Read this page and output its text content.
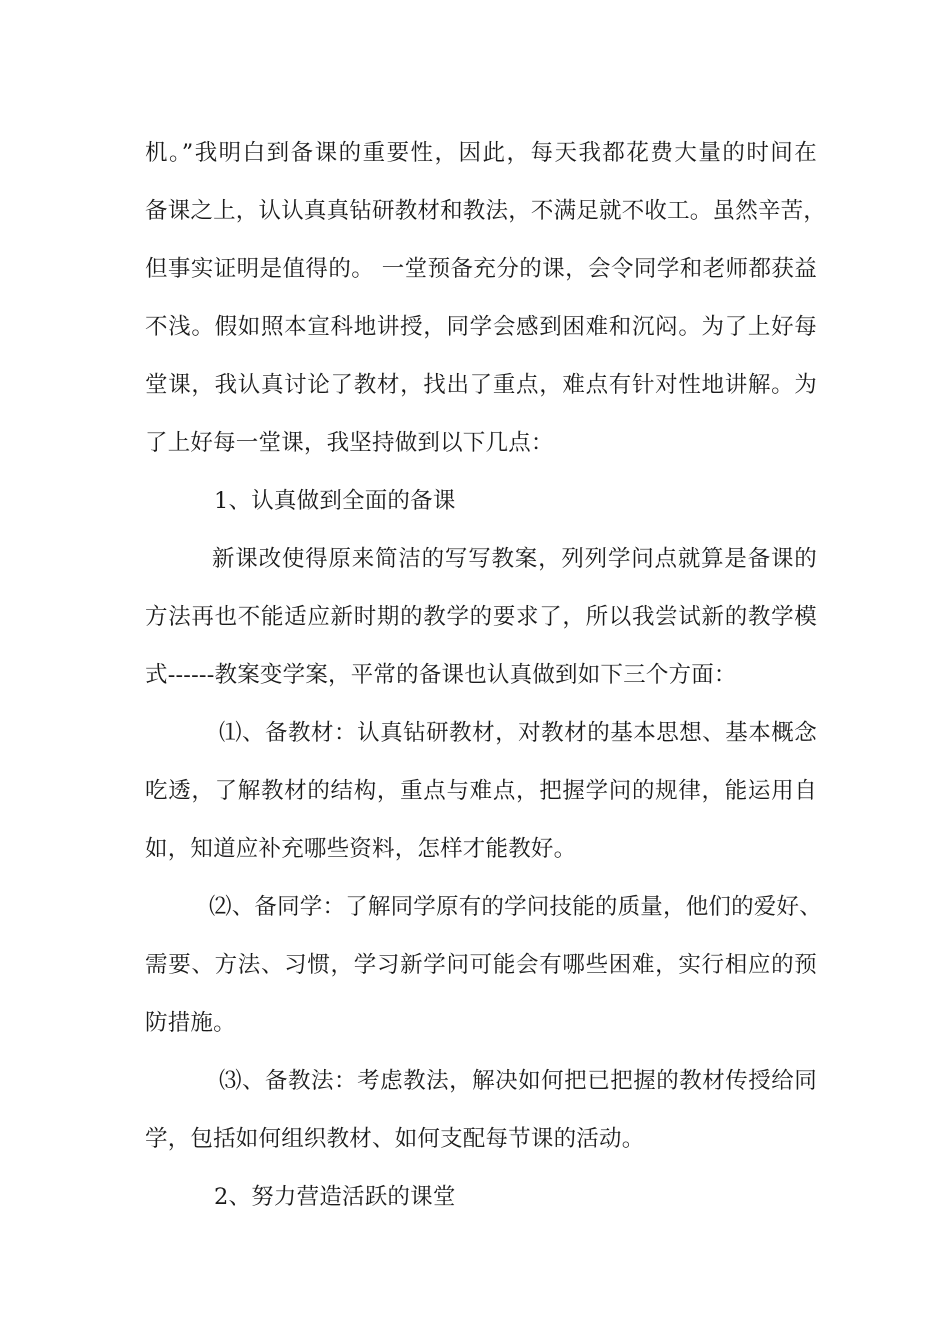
机。”我明白到备课的重要性，因此，每天我都花费大量的时间在
备课之上，认认真真钻研教材和教法，不满足就不收工。虽然辛苦，
但事实证明是值得的。 一堂预备充分的课，会令同学和老师都获益
不浅。假如照本宣科地讲授，同学会感到困难和沉闷。为了上好每
堂课，我认真讨论了教材，找出了重点，难点有针对性地讲解。为
了上好每一堂课，我坚持做到以下几点：
1、认真做到全面的备课
新课改使得原来简洁的写写教案，列列学问点就算是备课的
方法再也不能适应新时期的教学的要求了，所以我尝试新的教学模
式------教案变学案，平常的备课也认真做到如下三个方面：
⑴、备教材：认真钻研教材，对教材的基本思想、基本概念
吃透，了解教材的结构，重点与难点，把握学问的规律，能运用自
如，知道应补充哪些资料，怎样才能教好。
⑵、备同学：了解同学原有的学问技能的质量，他们的爱好、
需要、方法、习惯，学习新学问可能会有哪些困难，实行相应的预
防措施。
⑶、备教法：考虑教法，解决如何把已把握的教材传授给同
学，包括如何组织教材、如何支配每节课的活动。
2、努力营造活跃的课堂
